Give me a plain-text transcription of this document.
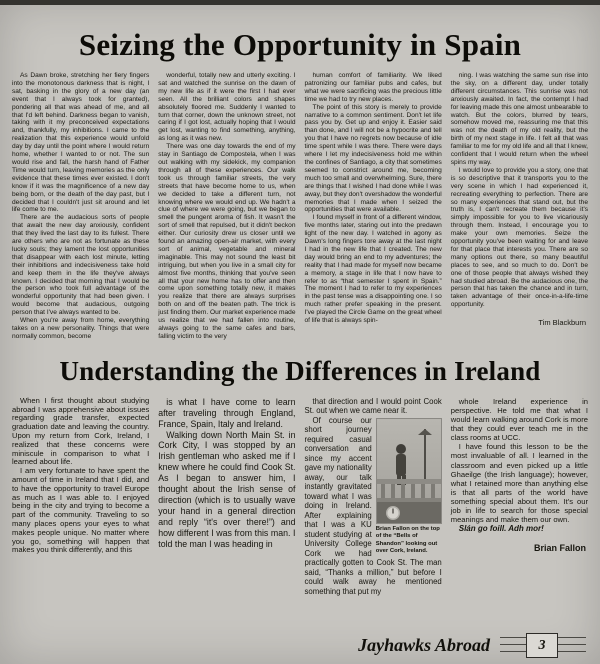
Seizing the Opportunity in Spain

As Dawn broke, stretching her fiery fingers into the monotonous darkness that is night, I sat, basking in the glory of a new day (an event that I always took for granted), pondering all that was ahead of me, and all that I'd left behind. Darkness began to vanish, taking with it my preconceived expectations and, thankfully, my inhibitions. I came to the realization that this experience would unfold day by day until the point where I would return home, whether I wanted to or not. The sun would rise and fall, the harsh hand of Father Time would turn, leaving memories as the only evidence that these times ever existed. I don't know if it was the magnificence of a new day being born, or the death of the day past, but I decided that I couldn't just sit around and let life come to me.

There are the audacious sorts of people that await the new day anxiously, confident that they lived the last day to its fullest. There are others who are not as fortunate as these lucky souls; they lament the lost opportunities that disappear with each lost minute, letting their inhibitions and indecisiveness take hold and keep them in the life they've always known. I decided that morning that I would be the person who took full advantage of the wonderful opportunity that had been given. I would become that audacious, outgoing person that I've always wanted to be.

When you're away from home, everything takes on a new personality. Things that were normally common, become

wonderful, totally new and utterly exciting. I sat and watched the sunrise on the dawn of my new life as if it were the first I had ever seen. All the brilliant colors and shapes absolutely floored me. Suddenly I wanted to turn that corner, down the unknown street, not caring if I got lost, actually hoping that I would get lost, wanting to find something, anything, as long as it was new.

There was one day towards the end of my stay in Santiago de Compostela, when I was out walking with my sidekick, my companion through all of these experiences. Our walk took us through familiar streets, the very streets that have become home to us, when we decided to take a different turn, not knowing where we would end up. We hadn't a clue of where we were going, but we began to smell the pungent aroma of fish. It wasn't the sort of smell that repulsed, but it didn't beckon either. Our curiosity drew us closer until we found an amazing open-air market, with every sort of animal, vegetable and mineral imaginable. This may not sound the least bit intriguing, but when you live in a small city for almost five months, thinking that you've seen all that your new home has to offer and then come upon something totally new, it makes you realize that there are always surprises both on and off the beaten path. The trick is just finding them. Our market experience made us realize that we had fallen into routine, always going to the same cafes and bars, falling victim to the very

human comfort of familiarity. We liked patronizing our familiar pubs and cafes, but what we were sacrificing was the precious little time we had to try new places.

The point of this story is merely to provide narrative to a common sentiment. Don't let life pass you by. Get up and enjoy it. Easier said than done, and I will not be a hypocrite and tell you that I have no regrets now because of idle time spent while I was there. There were days where I let my indecisiveness hold me within the confines of Santiago, a city that sometimes seemed to constrict around me, becoming much too small and overwhelming. Sure, there are things that I wished I had done while I was away, but they don't overshadow the wonderful memories that I made when I seized the opportunities that were available.

I found myself in front of a different window, five months later, staring out into the predawn light of the new day. I watched in agony as Dawn's long fingers tore away at the last night I had in the new life that I created. The new day would bring an end to my adventures; the reality that I had made for myself now became a memory, a stage in life that I now have to refer to as “that semester I spent in Spain.” The moment I had to refer to my experiences in the past tense was a disappointing one. I so much rather prefer speaking in the present. I've played the Circle Game on the great wheel of life that is always spin-

ning. I was watching the same sun rise into the sky, on a different day, under totally different circumstances. This sunrise was not anxiously awaited. In fact, the contempt I had for leaving made this one almost unbearable to watch. But the colors, blurred by tears, somehow moved me, reassuring me that this was not the death of my old reality, but the birth of my next stage in life. I felt all that was familiar to me for my old life and all that I knew, confident that I would return when the wheel spins my way.

I would love to provide you a story, one that is so descriptive that it transports you to the very scene in which I had experienced it, recreating everything to perfection. There are so many experiences that stand out, but the truth is, I can't recreate them because it's simply impossible for you to live vicariously through them. Instead, I encourage you to make your own memories. Seize the opportunity you've been waiting for and leave for that place that interests you. There are so many options out there, so many beautiful places to see, and so much to do. Don't be one of those people that always wished they had studied abroad. Be the audacious one, the person that has taken the chance and in turn, taken advantage of their once-in-a-life-time opportunity.

Tim Blackburn
Understanding the Differences in Ireland

When I first thought about studying abroad I was apprehensive about issues regarding grade transfer, expected graduation date and leaving the country. Upon my return from Cork, Ireland, I realized that these concerns were miniscule in comparison to what I learned about life.

I am very fortunate to have spent the amount of time in Ireland that I did, and to have the opportunity to travel Europe as much as I was able to. I enjoyed being in the city and trying to become a part of the community. Traveling to so many places opens your eyes to what makes people unique. No matter where you go, something will happen that makes you think differently, and this

is what I have come to learn after traveling through England, France, Spain, Italy and Ireland.

Walking down North Main St. in Cork City, I was stopped by an Irish gentleman who asked me if I knew where he could find Cook St. As I began to answer him, I thought about the Irish sense of direction (which is to usually wave your hand in a general direction and reply “it's over there!”) and how different I was from this man. I told the man I was heading in

that direction and I would point Cook St. out when we came near it.

Brian Fallon on the top of the “Bells of Shandon” looking out over Cork, Ireland.

Of course our short journey required casual conversation and since my accent gave my nationality away, our talk instantly gravitated toward what I was doing in Ireland. After explaining that I was a KU student studying at University College Cork we had practically gotten to Cook St. The man said, “Thanks a million,” but before I could walk away he mentioned something that put my

whole Ireland experience in perspective. He told me that what I would learn walking around Cork is more that they could ever teach me in the class rooms at UCC.

I have found this lesson to be the most invaluable of all. I learned in the classroom and even picked up a little Ghaeilge (the Irish language); however, what I retained more than anything else is that all parts of the world have something special about them. It's our job in life to search for those special meanings and make them our own.

Slán go foill. Adh mor!

Brian Fallon
Jayhawks Abroad	3
